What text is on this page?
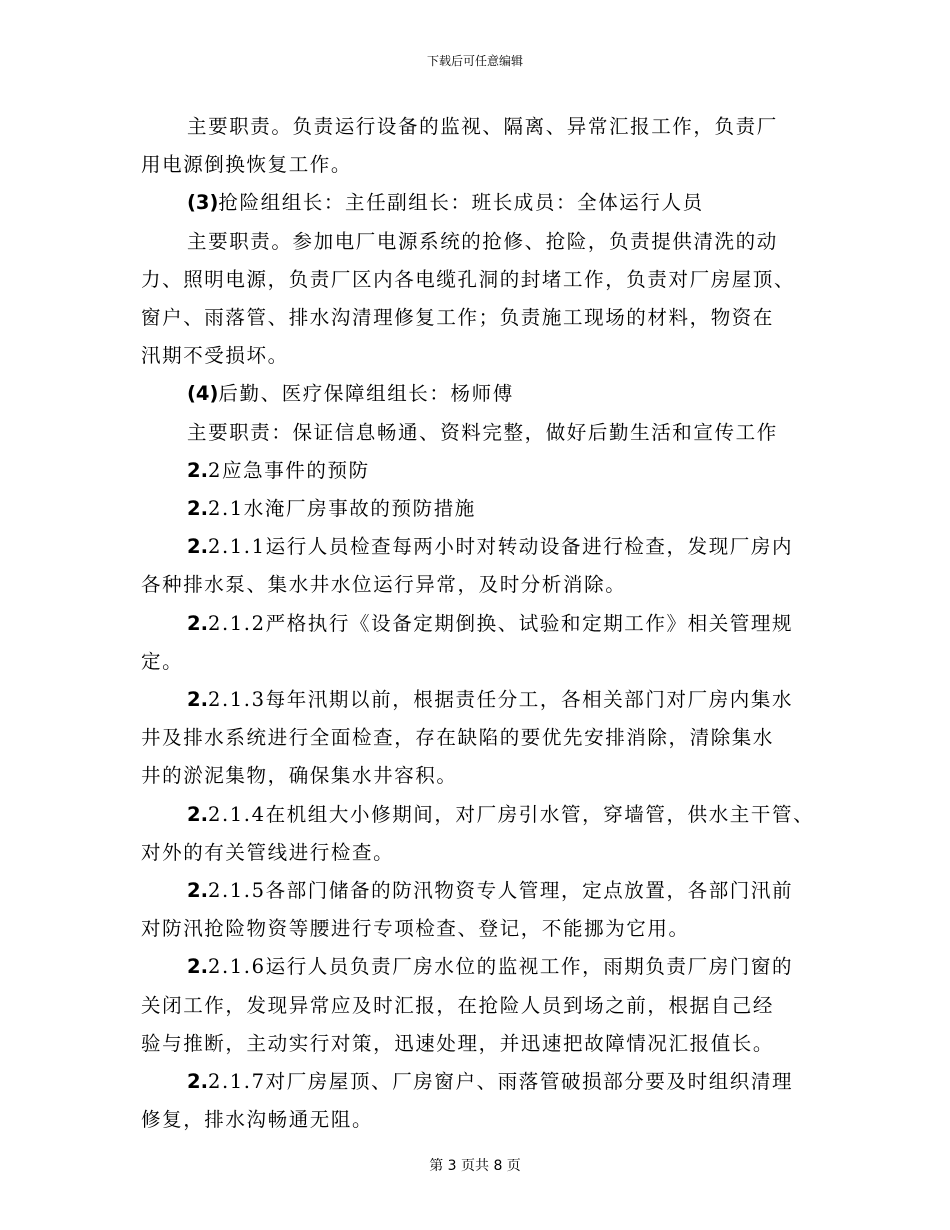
下载后可任意编辑

主要职责。负责运行设备的监视、隔离、异常汇报工作，负责厂
用电源倒换恢复工作。

(3)抢险组组长：主任副组长：班长成员：全体运行人员

主要职责。参加电厂电源系统的抢修、抢险，负责提供清洗的动
力、照明电源，负责厂区内各电缆孔洞的封堵工作，负责对厂房屋顶、
窗户、雨落管、排水沟清理修复工作；负责施工现场的材料，物资在
汛期不受损坏。

(4)后勤、医疗保障组组长：杨师傅

主要职责：保证信息畅通、资料完整，做好后勤生活和宣传工作

2.2应急事件的预防

2.2.1水淹厂房事故的预防措施

2.2.1.1运行人员检查每两小时对转动设备进行检查，发现厂房内
各种排水泵、集水井水位运行异常，及时分析消除。

2.2.1.2严格执行《设备定期倒换、试验和定期工作》相关管理规
定。

2.2.1.3每年汛期以前，根据责任分工，各相关部门对厂房内集水
井及排水系统进行全面检查，存在缺陷的要优先安排消除，清除集水
井的淤泥集物，确保集水井容积。

2.2.1.4在机组大小修期间，对厂房引水管，穿墙管，供水主干管、
对外的有关管线进行检查。

2.2.1.5各部门储备的防汛物资专人管理，定点放置，各部门汛前
对防汛抢险物资等腰进行专项检查、登记，不能挪为它用。

2.2.1.6运行人员负责厂房水位的监视工作，雨期负责厂房门窗的
关闭工作，发现异常应及时汇报，在抢险人员到场之前，根据自己经
验与推断，主动实行对策，迅速处理，并迅速把故障情况汇报值长。

2.2.1.7对厂房屋顶、厂房窗户、雨落管破损部分要及时组织清理
修复，排水沟畅通无阻。

第 3 页共 8 页
